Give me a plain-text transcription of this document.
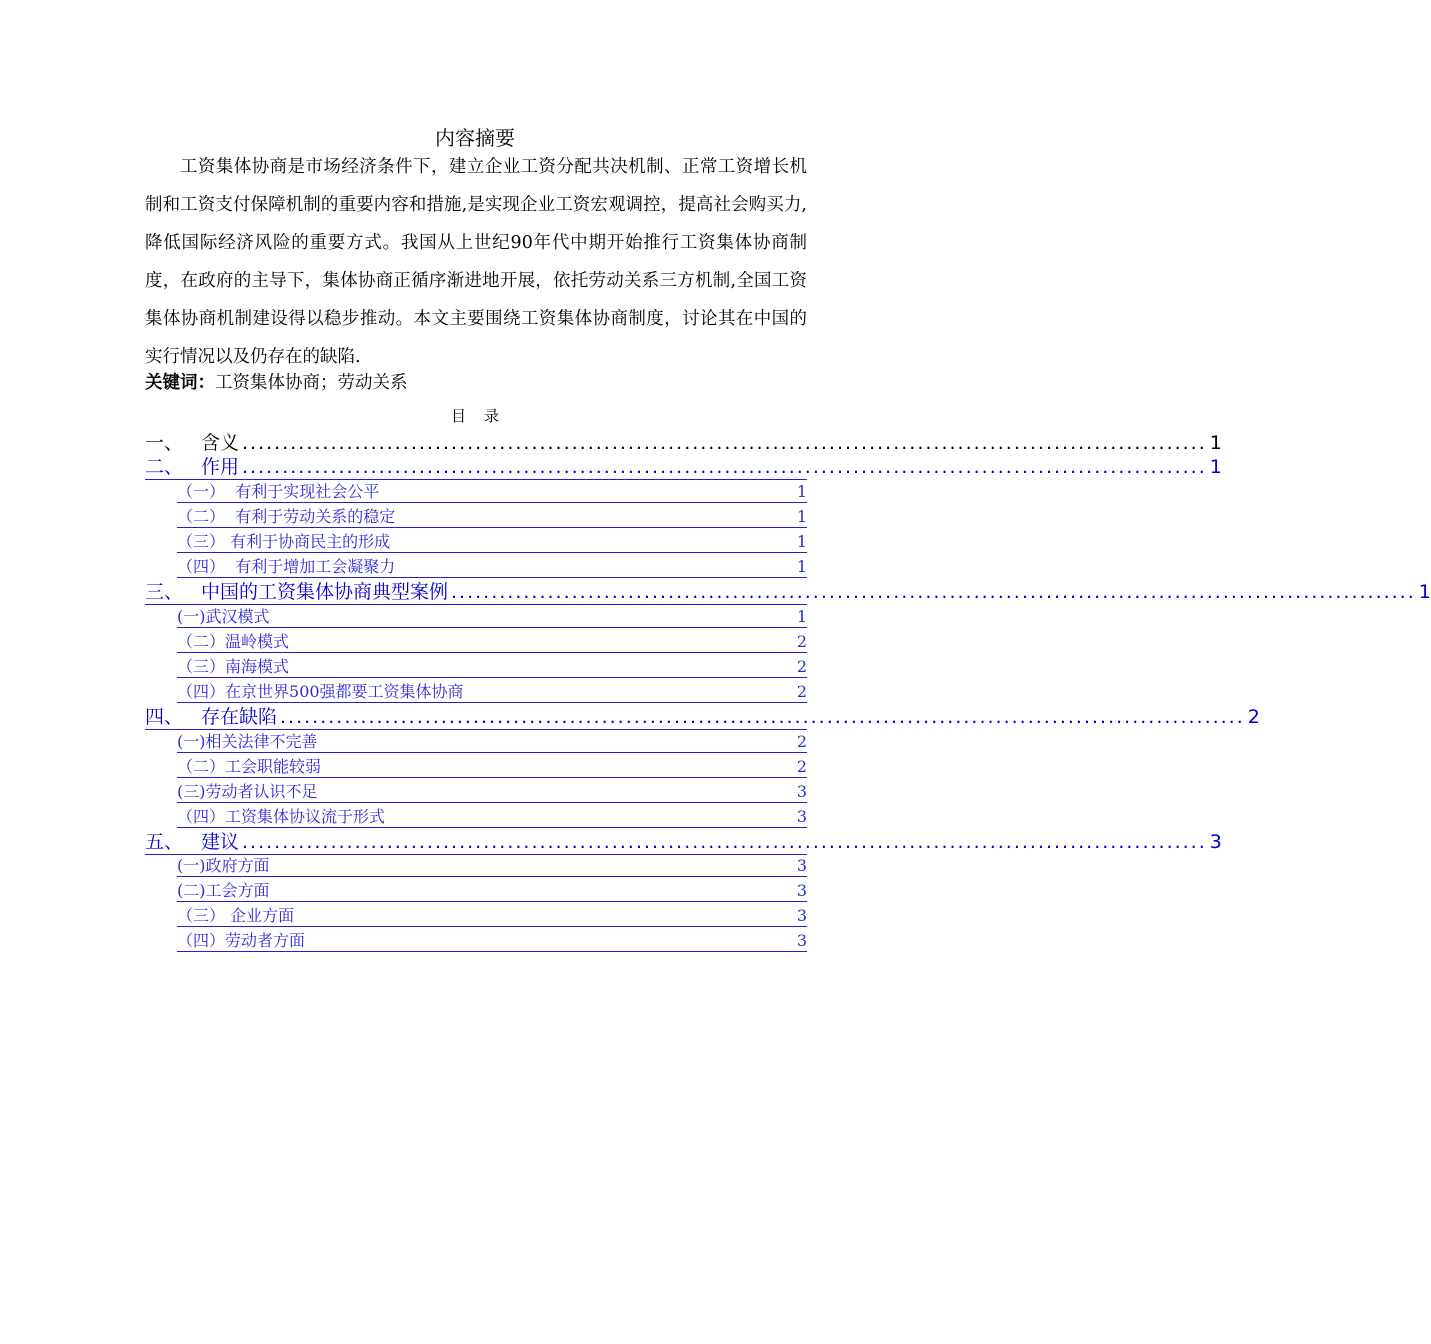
内容摘要

工资集体协商是市场经济条件下，建立企业工资分配共决机制、正常工资增长机制和工资支付保障机制的重要内容和措施,是实现企业工资宏观调控，提高社会购买力,降低国际经济风险的重要方式。我国从上世纪90年代中期开始推行工资集体协商制度，在政府的主导下，集体协商正循序渐进地开展，依托劳动关系三方机制,全国工资集体协商机制建设得以稳步推动。本文主要围绕工资集体协商制度，讨论其在中国的实行情况以及仍存在的缺陷.

关键词：工资集体协商；劳动关系
目录
一、 含义 ........................................................................................................................ 1
二、 作用 ........................................................................................................................ 1
（一） 有利于实现社会公平	1
（二） 有利于劳动关系的稳定	1
（三） 有利于协商民主的形成	1
（四） 有利于增加工会凝聚力	1
三、 中国的工资集体协商典型案例 ........................................................................................................................ 1
(一)武汉模式	1
（二）温岭模式	2
（三）南海模式	2
（四）在京世界500强都要工资集体协商	2
四、 存在缺陷 ........................................................................................................................ 2
(一)相关法律不完善	2
（二）工会职能较弱	2
(三)劳动者认识不足	3
（四）工资集体协议流于形式	3
五、 建议 ........................................................................................................................ 3
(一)政府方面	3
(二)工会方面	3
（三） 企业方面	3
（四）劳动者方面	3
